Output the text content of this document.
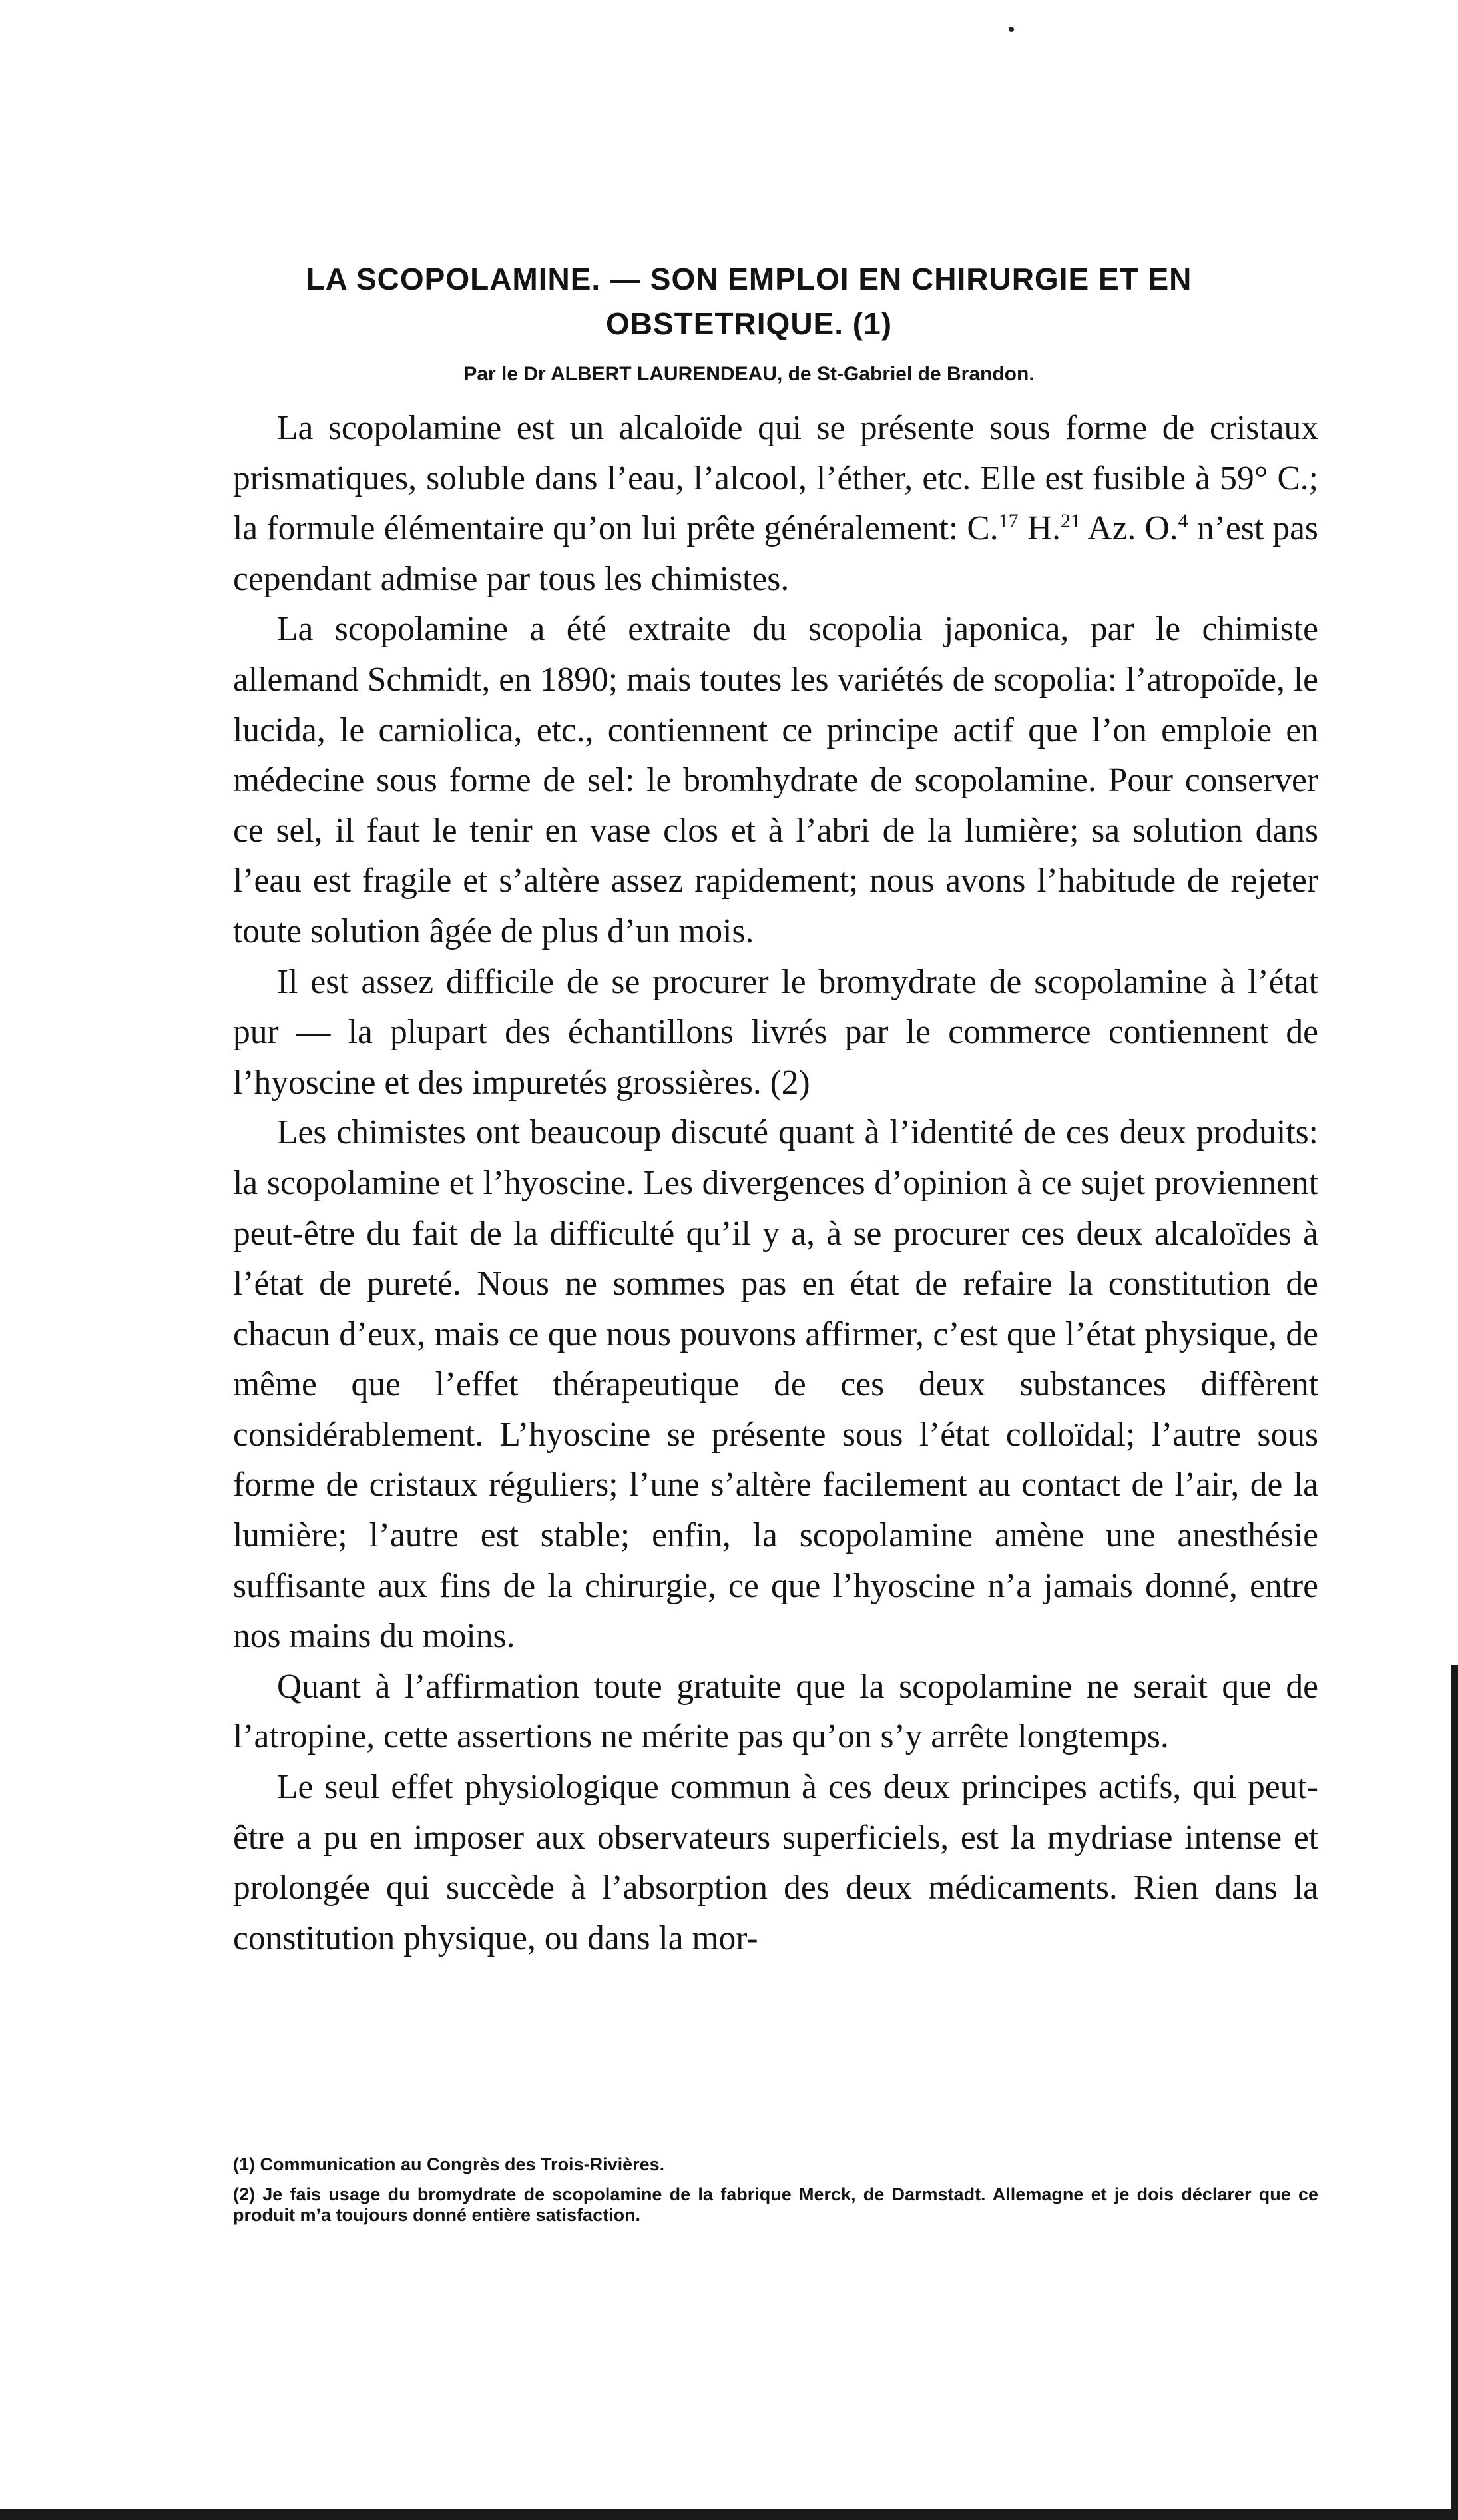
LA SCOPOLAMINE. — SON EMPLOI EN CHIRURGIE ET EN
OBSTETRIQUE. (1)
Par le Dr ALBERT LAURENDEAU, de St-Gabriel de Brandon.

La scopolamine est un alcaloïde qui se présente sous forme de cristaux prismatiques, soluble dans l’eau, l’alcool, l’éther, etc. Elle est fusible à 59° C.; la formule élémentaire qu’on lui prête généralement: C.$^{17}$ H.$^{21}$ Az. O.$^4$ n’est pas cependant admise par tous les chimistes.

La scopolamine a été extraite du scopolia japonica, par le chimiste allemand Schmidt, en 1890; mais toutes les variétés de scopolia: l’atropoïde, le lucida, le carniolica, etc., contiennent ce principe actif que l’on emploie en médecine sous forme de sel: le bromhydrate de scopolamine. Pour conserver ce sel, il faut le tenir en vase clos et à l’abri de la lumière; sa solution dans l’eau est fragile et s’altère assez rapidement; nous avons l’habitude de rejeter toute solution âgée de plus d’un mois.

Il est assez difficile de se procurer le bromydrate de scopolamine à l’état pur — la plupart des échantillons livrés par le commerce contiennent de l’hyoscine et des impuretés grossières. (2)

Les chimistes ont beaucoup discuté quant à l’identité de ces deux produits: la scopolamine et l’hyoscine. Les divergences d’opinion à ce sujet proviennent peut-être du fait de la difficulté qu’il y a, à se procurer ces deux alcaloïdes à l’état de pureté. Nous ne sommes pas en état de refaire la constitution de chacun d’eux, mais ce que nous pouvons affirmer, c’est que l’état physique, de même que l’effet thérapeutique de ces deux substances diffèrent considérablement. L’hyoscine se présente sous l’état colloïdal; l’autre sous forme de cristaux réguliers; l’une s’altère facilement au contact de l’air, de la lumière; l’autre est stable; enfin, la scopolamine amène une anesthésie suffisante aux fins de la chirurgie, ce que l’hyoscine n’a jamais donné, entre nos mains du moins.

Quant à l’affirmation toute gratuite que la scopolamine ne serait que de l’atropine, cette assertions ne mérite pas qu’on s’y arrête longtemps.

Le seul effet physiologique commun à ces deux principes actifs, qui peut-être a pu en imposer aux observateurs superficiels, est la mydriase intense et prolongée qui succède à l’absorption des deux médicaments. Rien dans la constitution physique, ou dans la mor-

(1) Communication au Congrès des Trois-Rivières.

(2) Je fais usage du bromydrate de scopolamine de la fabrique Merck, de Darmstadt. Allemagne et je dois déclarer que ce produit m’a toujours donné entière satisfaction.
